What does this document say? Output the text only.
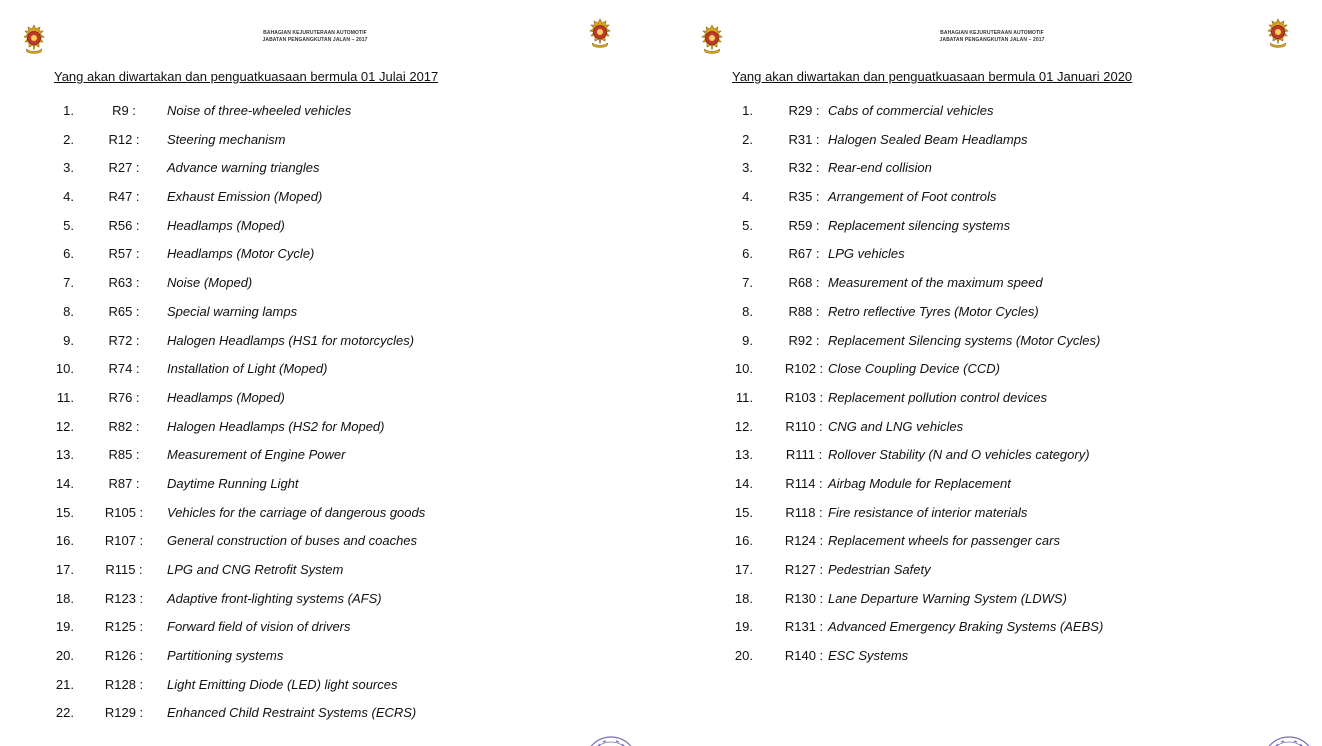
BAHAGIAN KEJURUTERAAN AUTOMOTIF
JABATAN PENGANGKUTAN JALAN – 2017
Yang akan diwartakan dan penguatkuasaan bermula 01 Julai 2017
1.	R9 :	Noise of three-wheeled vehicles
2.	R12 :	Steering mechanism
3.	R27 :	Advance warning triangles
4.	R47 :	Exhaust Emission (Moped)
5.	R56 :	Headlamps (Moped)
6.	R57 :	Headlamps (Motor Cycle)
7.	R63 :	Noise (Moped)
8.	R65 :	Special warning lamps
9.	R72 :	Halogen Headlamps (HS1 for motorcycles)
10.	R74 :	Installation of Light (Moped)
11.	R76 :	Headlamps (Moped)
12.	R82 :	Halogen Headlamps (HS2 for Moped)
13.	R85 :	Measurement of Engine Power
14.	R87 :	Daytime Running Light
15.	R105 :	Vehicles for the carriage of dangerous goods
16.	R107 :	General construction of buses and coaches
17.	R115 :	LPG and CNG Retrofit System
18.	R123 :	Adaptive front-lighting systems (AFS)
19.	R125 :	Forward field of vision of drivers
20.	R126 :	Partitioning systems
21.	R128 :	Light Emitting Diode (LED) light sources
22.	R129 :	Enhanced Child Restraint Systems (ECRS)
BAHAGIAN KEJURUTERAAN AUTOMOTIF
JABATAN PENGANGKUTAN JALAN – 2017
Yang akan diwartakan dan penguatkuasaan bermula 01 Januari 2020
1.	R29 : Cabs of commercial vehicles
2.	R31 : Halogen Sealed Beam Headlamps
3.	R32 : Rear-end collision
4.	R35 : Arrangement of Foot controls
5.	R59 : Replacement silencing systems
6.	R67 : LPG vehicles
7.	R68 : Measurement of the maximum speed
8.	R88 : Retro reflective Tyres (Motor Cycles)
9.	R92 : Replacement Silencing systems (Motor Cycles)
10.	R102 : Close Coupling Device (CCD)
11.	R103 : Replacement pollution control devices
12.	R110 : CNG and LNG vehicles
13.	R111 : Rollover Stability (N and O vehicles category)
14.	R114 : Airbag Module for Replacement
15.	R118 : Fire resistance of interior materials
16.	R124 : Replacement wheels for passenger cars
17.	R127 : Pedestrian Safety
18.	R130 : Lane Departure Warning System (LDWS)
19.	R131 : Advanced Emergency Braking Systems (AEBS)
20.	R140 : ESC Systems
